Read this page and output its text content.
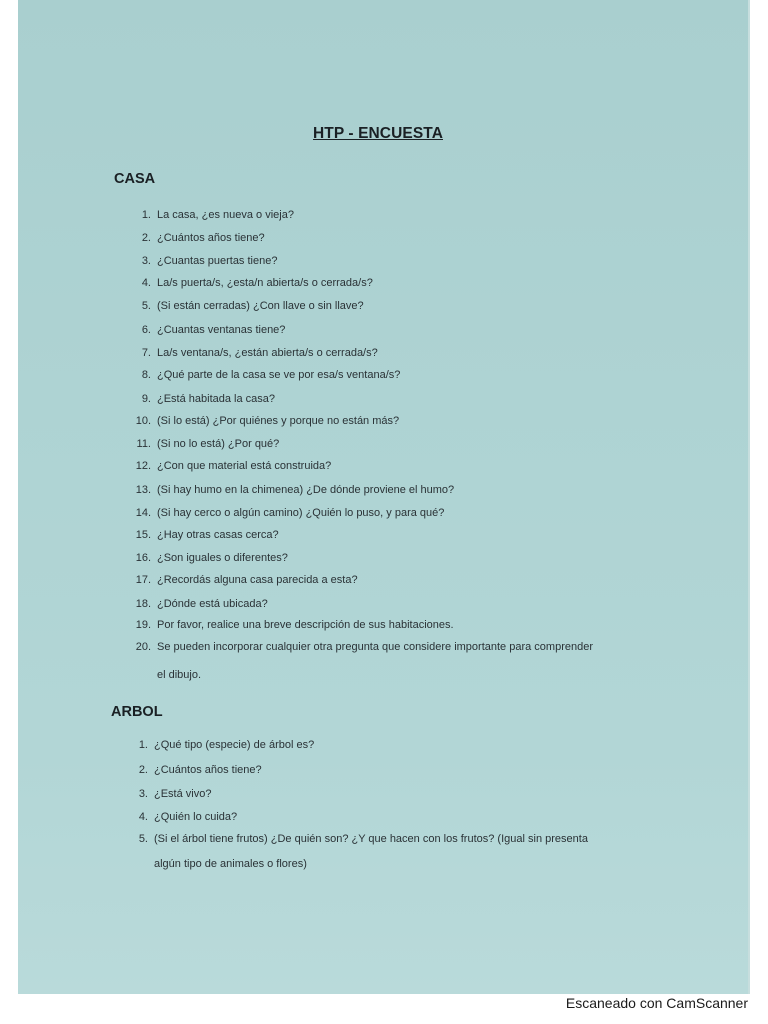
HTP - ENCUESTA
CASA
1. La casa, ¿es nueva o vieja?
2. ¿Cuántos años tiene?
3. ¿Cuantas puertas tiene?
4. La/s puerta/s, ¿esta/n abierta/s o cerrada/s?
5. (Si están cerradas) ¿Con llave o sin llave?
6. ¿Cuantas ventanas tiene?
7. La/s ventana/s, ¿están abierta/s o cerrada/s?
8. ¿Qué parte de la casa se ve por esa/s ventana/s?
9. ¿Está habitada la casa?
10. (Si lo está) ¿Por quiénes y porque no están más?
11. (Si no lo está) ¿Por qué?
12. ¿Con que material está construida?
13. (Si hay humo en la chimenea) ¿De dónde proviene el humo?
14. (Si hay cerco o algún camino) ¿Quién lo puso, y para qué?
15. ¿Hay otras casas cerca?
16. ¿Son iguales o diferentes?
17. ¿Recordás alguna casa parecida a esta?
18. ¿Dónde está ubicada?
19. Por favor, realice una breve descripción de sus habitaciones.
20. Se pueden incorporar cualquier otra pregunta que considere importante para comprender
el dibujo.
ARBOL
1. ¿Qué tipo (especie) de árbol es?
2. ¿Cuántos años tiene?
3. ¿Está vivo?
4. ¿Quién lo cuida?
5. (Si el árbol tiene frutos) ¿De quién son? ¿Y que hacen con los frutos? (Igual sin presenta
algún tipo de animales o flores)
Escaneado con CamScanner
